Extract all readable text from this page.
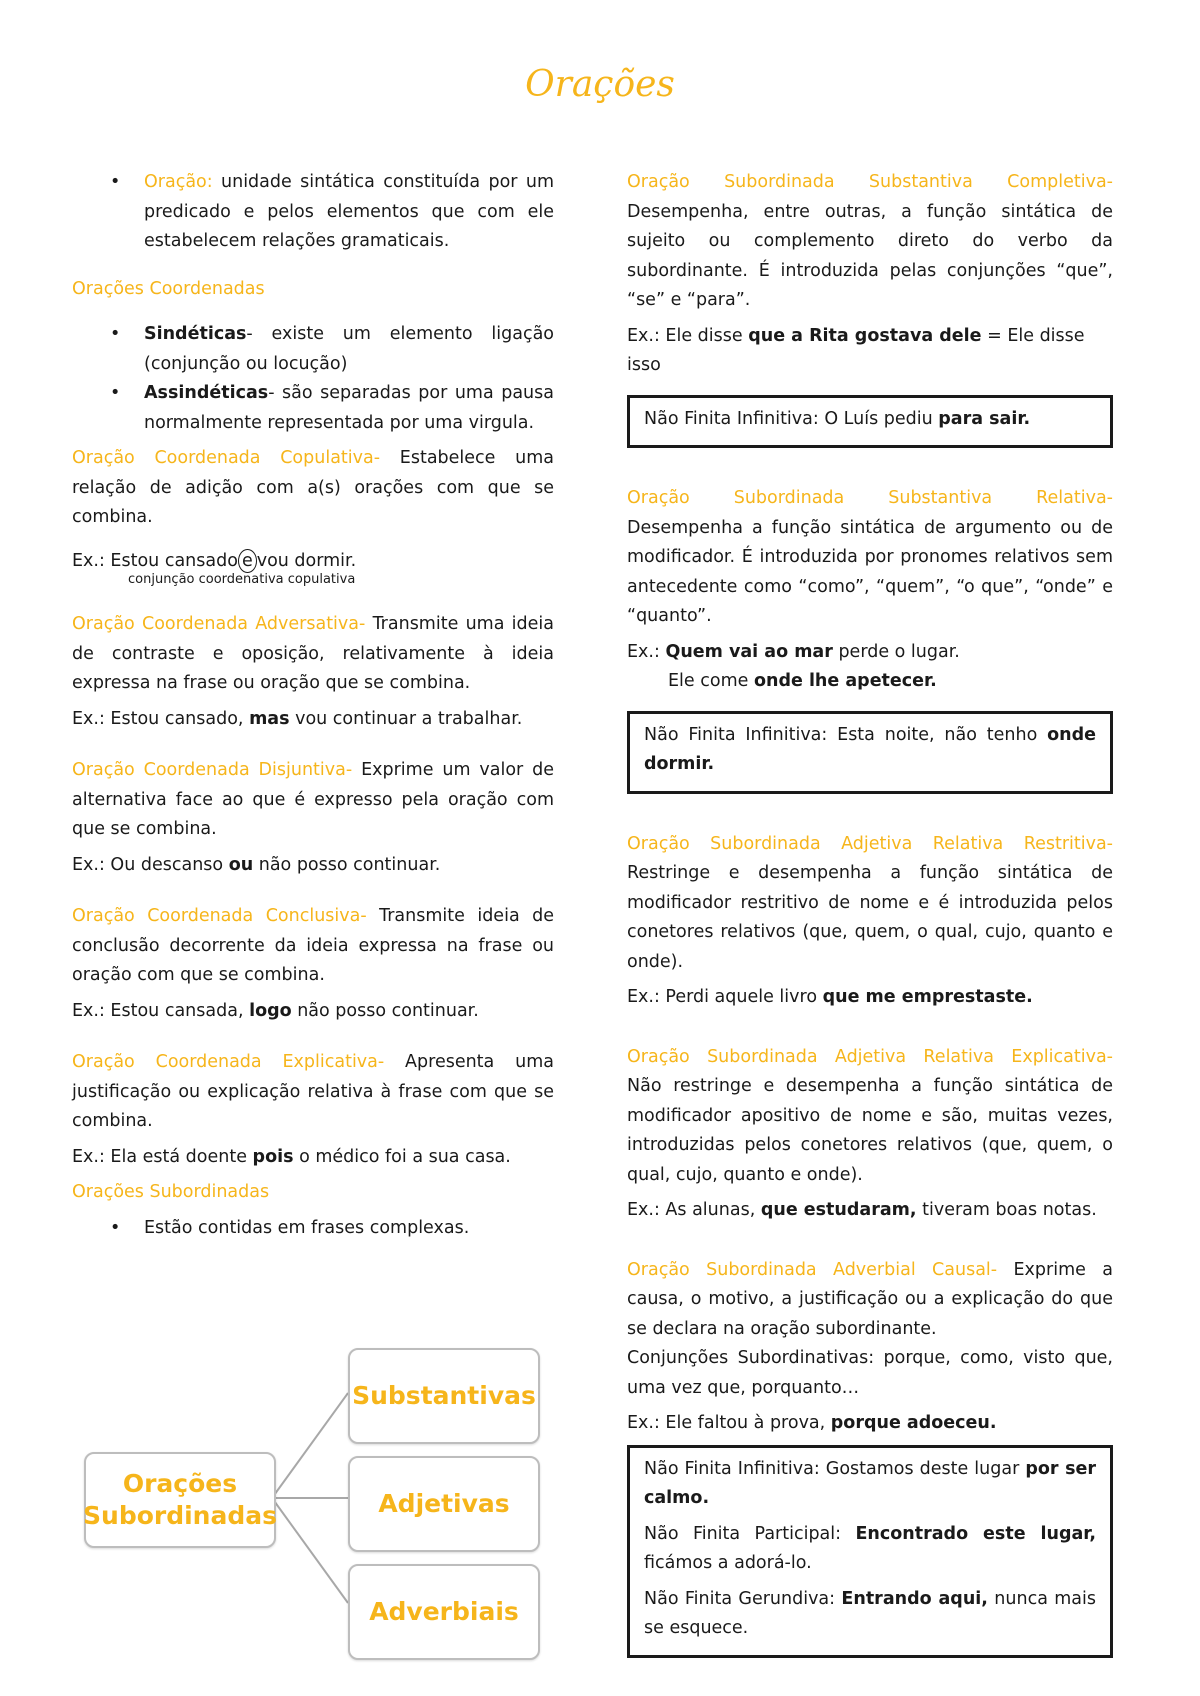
Orações

• Oração: unidade sintática constituída por um predicado e pelos elementos que com ele estabelecem relações gramaticais.

Orações Coordenadas

• Sindéticas- existe um elemento ligação (conjunção ou locução)

• Assindéticas- são separadas por uma pausa normalmente representada por uma virgula.

Oração Coordenada Copulativa- Estabelece uma relação de adição com a(s) orações com que se combina.

Ex.: Estou cansado e vou dormir.

conjunção coordenativa copulativa

Oração Coordenada Adversativa- Transmite uma ideia de contraste e oposição, relativamente à ideia expressa na frase ou oração que se combina.

Ex.: Estou cansado, mas vou continuar a trabalhar.

Oração Coordenada Disjuntiva- Exprime um valor de alternativa face ao que é expresso pela oração com que se combina.

Ex.: Ou descanso ou não posso continuar.

Oração Coordenada Conclusiva- Transmite ideia de conclusão decorrente da ideia expressa na frase ou oração com que se combina.

Ex.: Estou cansada, logo não posso continuar.

Oração Coordenada Explicativa- Apresenta uma justificação ou explicação relativa à frase com que se combina.

Ex.: Ela está doente pois o médico foi a sua casa.

Orações Subordinadas

• Estão contidas em frases complexas.

Orações
Subordinadas
Substantivas
Adjetivas
Adverbiais

Oração Subordinada Substantiva Completiva-

Desempenha, entre outras, a função sintática de sujeito ou complemento direto do verbo da subordinante. É introduzida pelas conjunções “que”, “se” e “para”.

Ex.: Ele disse que a Rita gostava dele = Ele disse isso

Não Finita Infinitiva: O Luís pediu para sair.

Oração Subordinada Substantiva Relativa-

Desempenha a função sintática de argumento ou de modificador. É introduzida por pronomes relativos sem antecedente como “como”, “quem”, “o que”, “onde” e “quanto”.

Ex.: Quem vai ao mar perde o lugar.

Ele come onde lhe apetecer.

Não Finita Infinitiva: Esta noite, não tenho onde dormir.

Oração Subordinada Adjetiva Relativa Restritiva-

Restringe e desempenha a função sintática de modificador restritivo de nome e é introduzida pelos conetores relativos (que, quem, o qual, cujo, quanto e onde).

Ex.: Perdi aquele livro que me emprestaste.

Oração Subordinada Adjetiva Relativa Explicativa-

Não restringe e desempenha a função sintática de modificador apositivo de nome e são, muitas vezes, introduzidas pelos conetores relativos (que, quem, o qual, cujo, quanto e onde).

Ex.: As alunas, que estudaram, tiveram boas notas.

Oração Subordinada Adverbial Causal- Exprime a causa, o motivo, a justificação ou a explicação do que se declara na oração subordinante.

Conjunções Subordinativas: porque, como, visto que, uma vez que, porquanto…

Ex.: Ele faltou à prova, porque adoeceu.

Não Finita Infinitiva: Gostamos deste lugar por ser calmo.

Não Finita Participal: Encontrado este lugar, ficámos a adorá-lo.

Não Finita Gerundiva: Entrando aqui, nunca mais se esquece.
